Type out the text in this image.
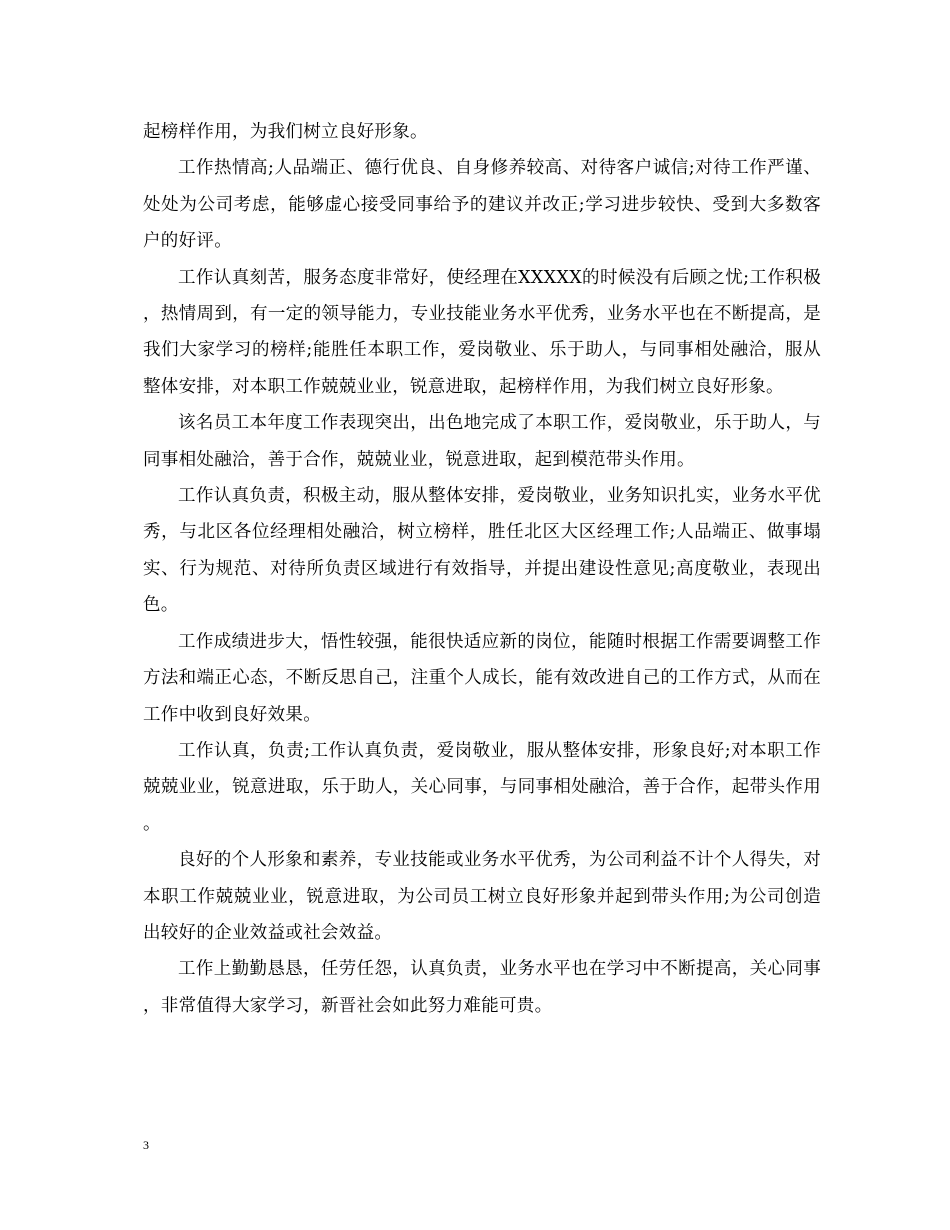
起榜样作用，为我们树立良好形象。

工作热情高;人品端正、德行优良、自身修养较高、对待客户诚信;对待工作严谨、处处为公司考虑，能够虚心接受同事给予的建议并改正;学习进步较快、受到大多数客户的好评。

工作认真刻苦，服务态度非常好，使经理在XXXXX的时候没有后顾之忧;工作积极，热情周到，有一定的领导能力，专业技能业务水平优秀，业务水平也在不断提高，是我们大家学习的榜样;能胜任本职工作，爱岗敬业、乐于助人，与同事相处融洽，服从整体安排，对本职工作兢兢业业，锐意进取，起榜样作用，为我们树立良好形象。

该名员工本年度工作表现突出，出色地完成了本职工作，爱岗敬业，乐于助人，与同事相处融洽，善于合作，兢兢业业，锐意进取，起到模范带头作用。

工作认真负责，积极主动，服从整体安排，爱岗敬业，业务知识扎实，业务水平优秀，与北区各位经理相处融洽，树立榜样，胜任北区大区经理工作;人品端正、做事塌实、行为规范、对待所负责区域进行有效指导，并提出建设性意见;高度敬业，表现出色。

工作成绩进步大，悟性较强，能很快适应新的岗位，能随时根据工作需要调整工作方法和端正心态，不断反思自己，注重个人成长，能有效改进自己的工作方式，从而在工作中收到良好效果。

工作认真，负责;工作认真负责，爱岗敬业，服从整体安排，形象良好;对本职工作兢兢业业，锐意进取，乐于助人，关心同事，与同事相处融洽，善于合作，起带头作用。

良好的个人形象和素养，专业技能或业务水平优秀，为公司利益不计个人得失，对本职工作兢兢业业，锐意进取，为公司员工树立良好形象并起到带头作用;为公司创造出较好的企业效益或社会效益。

工作上勤勤恳恳，任劳任怨，认真负责，业务水平也在学习中不断提高，关心同事，非常值得大家学习，新晋社会如此努力难能可贵。

3
